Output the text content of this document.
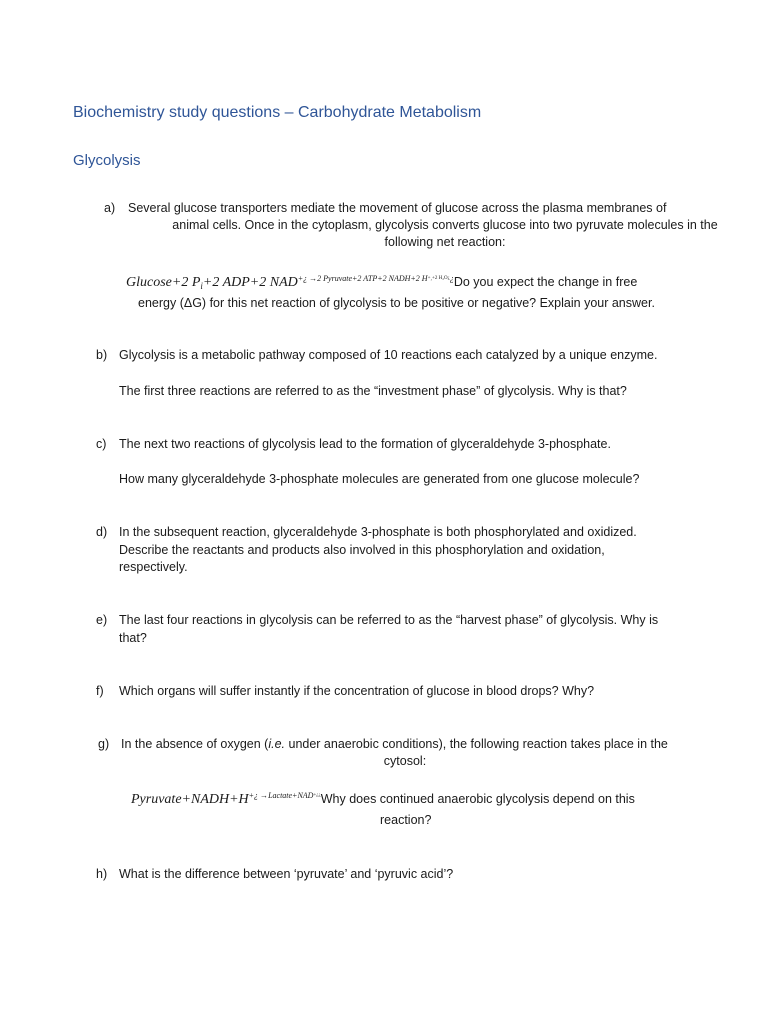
Biochemistry study questions – Carbohydrate Metabolism
Glycolysis
a) Several glucose transporters mediate the movement of glucose across the plasma membranes of
animal cells. Once in the cytoplasm, glycolysis converts glucose into two pyruvate molecules in the
following net reaction:
Glucose+2 $P_i+2$ ADP+2 $NAD^{+¿ \to 2 Pyruvate+2 ATP+2 NADH+2 H+¸+2 H_2O¿¿}Do$ you expect the change in free
energy (ΔG) for this net reaction of glycolysis to be positive or negative? Explain your answer.
b) Glycolysis is a metabolic pathway composed of 10 reactions each catalyzed by a unique enzyme.
The first three reactions are referred to as the “investment phase” of glycolysis. Why is that?
c) The next two reactions of glycolysis lead to the formation of glyceraldehyde 3-phosphate.
How many glyceraldehyde 3-phosphate molecules are generated from one glucose molecule?
d) In the subsequent reaction, glyceraldehyde 3-phosphate is both phosphorylated and oxidized.
Describe the reactants and products also involved in this phosphorylation and oxidation,
respectively.
e) The last four reactions in glycolysis can be referred to as the “harvest phase” of glycolysis. Why is
that?
f) Which organs will suffer instantly if the concentration of glucose in blood drops? Why?
g) In the absence of oxygen (i.e. under anaerobic conditions), the following reaction takes place in the
cytosol:
$Pyruvate+NADH+H^{+¿ \to Lactate+NAD+¿¿}Why$ does continued anaerobic glycolysis depend on this
reaction?
h) What is the difference between ‘pyruvate’ and ‘pyruvic acid’?
